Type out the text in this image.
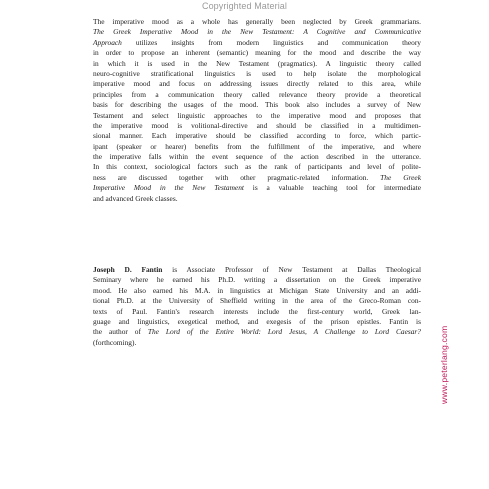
Copyrighted Material
The imperative mood as a whole has generally been neglected by Greek grammarians.
The Greek Imperative Mood in the New Testament: A Cognitive and Communicative
Approach utilizes insights from modern linguistics and communication theory
in order to propose an inherent (semantic) meaning for the mood and describe the way
in which it is used in the New Testament (pragmatics). A linguistic theory called
neuro-cognitive stratificational linguistics is used to help isolate the morphological
imperative mood and focus on addressing issues directly related to this area, while
principles from a communication theory called relevance theory provide a theoretical
basis for describing the usages of the mood. This book also includes a survey of New
Testament and select linguistic approaches to the imperative mood and proposes that
the imperative mood is volitional-directive and should be classified in a multidimen-
sional manner. Each imperative should be classified according to force, which partic-
ipant (speaker or hearer) benefits from the fulfillment of the imperative, and where
the imperative falls within the event sequence of the action described in the utterance.
In this context, sociological factors such as the rank of participants and level of polite-
ness are discussed together with other pragmatic-related information. The Greek
Imperative Mood in the New Testament is a valuable teaching tool for intermediate
and advanced Greek classes.
Joseph D. Fantin is Associate Professor of New Testament at Dallas Theological
Seminary where he earned his Ph.D. writing a dissertation on the Greek imperative
mood. He also earned his M.A. in linguistics at Michigan State University and an addi-
tional Ph.D. at the University of Sheffield writing in the area of the Greco-Roman con-
texts of Paul. Fantin's research interests include the first-century world, Greek lan-
guage and linguistics, exegetical method, and exegesis of the prison epistles. Fantin is
the author of The Lord of the Entire World: Lord Jesus, A Challenge to Lord Caesar?
(forthcoming).	www.peterlang.com
